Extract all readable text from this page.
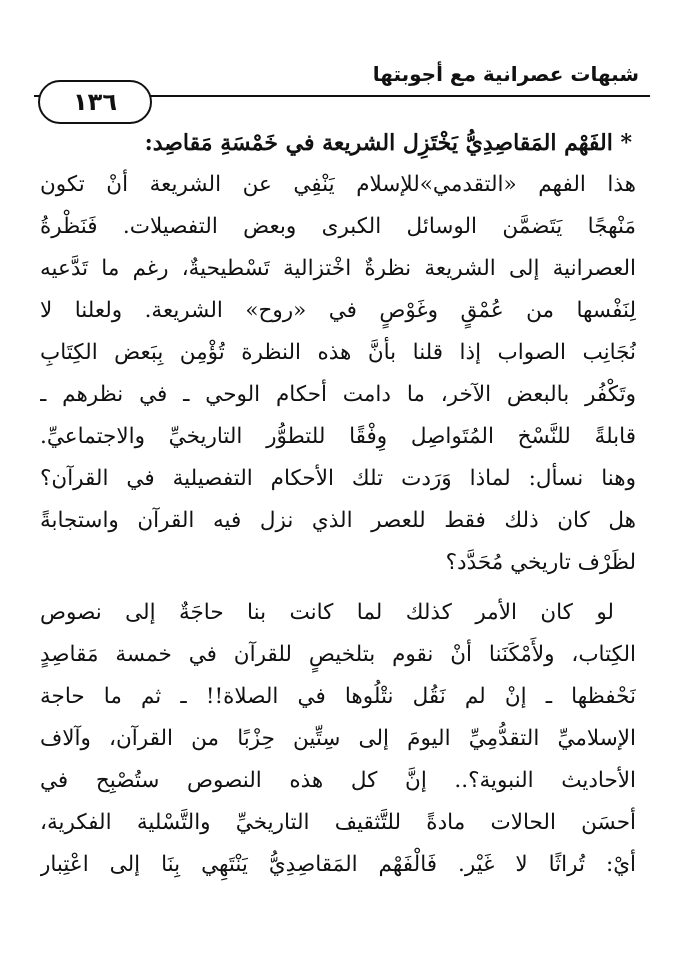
شبهات عصرانية مع أجوبتها
١٣٦
* الفَهْم المَقاصِدِيُّ يَخْتَزِل الشريعة في خَمْسَةِ مَقاصِد:
هذا الفهم «التقدمي»للإسلام يَنْفِي عن الشريعة أنْ تكون
مَنْهجًا يَتَضمَّن الوسائل الكبرى وبعض التفصيلات. فَنَظْرةُ
العصرانية إلى الشريعة نظرةٌ اخْتزالية تَسْطيحيةٌ، رغم ما تَدَّعيه
لِنَفْسها من عُمْقٍ وغَوْصٍ في «روح» الشريعة. ولعلنا لا
نُجَانِب الصواب إذا قلنا بأنَّ هذه النظرة تُؤْمِن بِبَعض الكِتَابِ
وتَكْفُر بالبعض الآخر، ما دامت أحكام الوحي ـ في نظرهم ـ
قابلةً للنَّسْخ المُتَواصِل وِفْقًا للتطوُّر التاريخيِّ والاجتماعيِّ.
وهنا نسأل: لماذا وَرَدت تلك الأحكام التفصيلية في القرآن؟
هل كان ذلك فقط للعصر الذي نزل فيه القرآن واستجابةً
لظَرْف تاريخي مُحَدَّد؟
لو كان الأمر كذلك لما كانت بنا حاجَةٌ إلى نصوص
الكِتاب، ولأَمْكَنَنا أنْ نقوم بتلخيصٍ للقرآن في خمسة مَقاصِدٍ
نَحْفظها ـ إنْ لم نَقُل نتْلُوها في الصلاة!! ـ ثم ما حاجة
الإسلاميِّ التقدُّمِيِّ اليومَ إلى سِتِّين حِزْبًا من القرآن، وآلاف
الأحاديث النبوية؟.. إنَّ كل هذه النصوص ستُصْبِح في
أحسَن الحالات مادةً للتَّثقيف التاريخيِّ والتَّسْلية الفكرية،
أيْ: تُراثًا لا غَيْر. فَالْفَهْم المَقاصِدِيُّ يَنْتَهِي بِنَا إلى اعْتِبار
